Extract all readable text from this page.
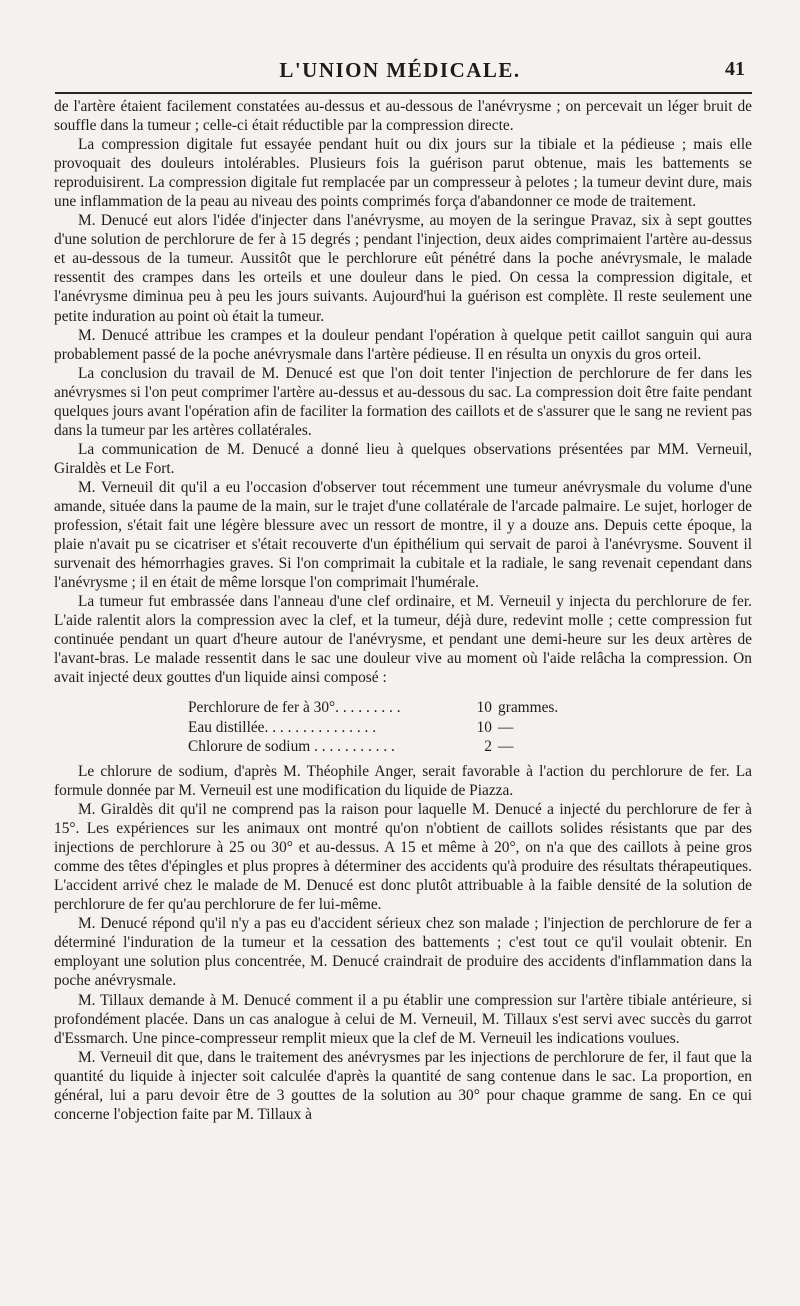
L'UNION MÉDICALE.	41

de l'artère étaient facilement constatées au-dessus et au-dessous de l'anévrysme ; on percevait un léger bruit de souffle dans la tumeur ; celle-ci était réductible par la compression directe.

La compression digitale fut essayée pendant huit ou dix jours sur la tibiale et la pédieuse ; mais elle provoquait des douleurs intolérables. Plusieurs fois la guérison parut obtenue, mais les battements se reproduisirent. La compression digitale fut remplacée par un compresseur à pelotes ; la tumeur devint dure, mais une inflammation de la peau au niveau des points comprimés força d'abandonner ce mode de traitement.

M. Denucé eut alors l'idée d'injecter dans l'anévrysme, au moyen de la seringue Pravaz, six à sept gouttes d'une solution de perchlorure de fer à 15 degrés ; pendant l'injection, deux aides comprimaient l'artère au-dessus et au-dessous de la tumeur. Aussitôt que le perchlorure eût pénétré dans la poche anévrysmale, le malade ressentit des crampes dans les orteils et une douleur dans le pied. On cessa la compression digitale, et l'anévrysme diminua peu à peu les jours suivants. Aujourd'hui la guérison est complète. Il reste seulement une petite induration au point où était la tumeur.

M. Denucé attribue les crampes et la douleur pendant l'opération à quelque petit caillot sanguin qui aura probablement passé de la poche anévrysmale dans l'artère pédieuse. Il en résulta un onyxis du gros orteil.

La conclusion du travail de M. Denucé est que l'on doit tenter l'injection de perchlorure de fer dans les anévrysmes si l'on peut comprimer l'artère au-dessus et au-dessous du sac. La compression doit être faite pendant quelques jours avant l'opération afin de faciliter la formation des caillots et de s'assurer que le sang ne revient pas dans la tumeur par les artères collatérales.

La communication de M. Denucé a donné lieu à quelques observations présentées par MM. Verneuil, Giraldès et Le Fort.

M. Verneuil dit qu'il a eu l'occasion d'observer tout récemment une tumeur anévrysmale du volume d'une amande, située dans la paume de la main, sur le trajet d'une collatérale de l'arcade palmaire. Le sujet, horloger de profession, s'était fait une légère blessure avec un ressort de montre, il y a douze ans. Depuis cette époque, la plaie n'avait pu se cicatriser et s'était recouverte d'un épithélium qui servait de paroi à l'anévrysme. Souvent il survenait des hémorrhagies graves. Si l'on comprimait la cubitale et la radiale, le sang revenait cependant dans l'anévrysme ; il en était de même lorsque l'on comprimait l'humérale.

La tumeur fut embrassée dans l'anneau d'une clef ordinaire, et M. Verneuil y injecta du perchlorure de fer. L'aide ralentit alors la compression avec la clef, et la tumeur, déjà dure, redevint molle ; cette compression fut continuée pendant un quart d'heure autour de l'anévrysme, et pendant une demi-heure sur les deux artères de l'avant-bras. Le malade ressentit dans le sac une douleur vive au moment où l'aide relâcha la compression. On avait injecté deux gouttes d'un liquide ainsi composé :

Perchlorure de fer à 30°. . . . . . . . .	10 grammes.
Eau distillée. . . . . . . . . . . . . . .	10 —
Chlorure de sodium . . . . . . . . . . .	2 —

Le chlorure de sodium, d'après M. Théophile Anger, serait favorable à l'action du perchlorure de fer. La formule donnée par M. Verneuil est une modification du liquide de Piazza.

M. Giraldès dit qu'il ne comprend pas la raison pour laquelle M. Denucé a injecté du perchlorure de fer à 15°. Les expériences sur les animaux ont montré qu'on n'obtient de caillots solides résistants que par des injections de perchlorure à 25 ou 30° et au-dessus. A 15 et même à 20°, on n'a que des caillots à peine gros comme des têtes d'épingles et plus propres à déterminer des accidents qu'à produire des résultats thérapeutiques. L'accident arrivé chez le malade de M. Denucé est donc plutôt attribuable à la faible densité de la solution de perchlorure de fer qu'au perchlorure de fer lui-même.

M. Denucé répond qu'il n'y a pas eu d'accident sérieux chez son malade ; l'injection de perchlorure de fer a déterminé l'induration de la tumeur et la cessation des battements ; c'est tout ce qu'il voulait obtenir. En employant une solution plus concentrée, M. Denucé craindrait de produire des accidents d'inflammation dans la poche anévrysmale.

M. Tillaux demande à M. Denucé comment il a pu établir une compression sur l'artère tibiale antérieure, si profondément placée. Dans un cas analogue à celui de M. Verneuil, M. Tillaux s'est servi avec succès du garrot d'Essmarch. Une pince-compresseur remplit mieux que la clef de M. Verneuil les indications voulues.

M. Verneuil dit que, dans le traitement des anévrysmes par les injections de perchlorure de fer, il faut que la quantité du liquide à injecter soit calculée d'après la quantité de sang contenue dans le sac. La proportion, en général, lui a paru devoir être de 3 gouttes de la solution au 30° pour chaque gramme de sang. En ce qui concerne l'objection faite par M. Tillaux à
